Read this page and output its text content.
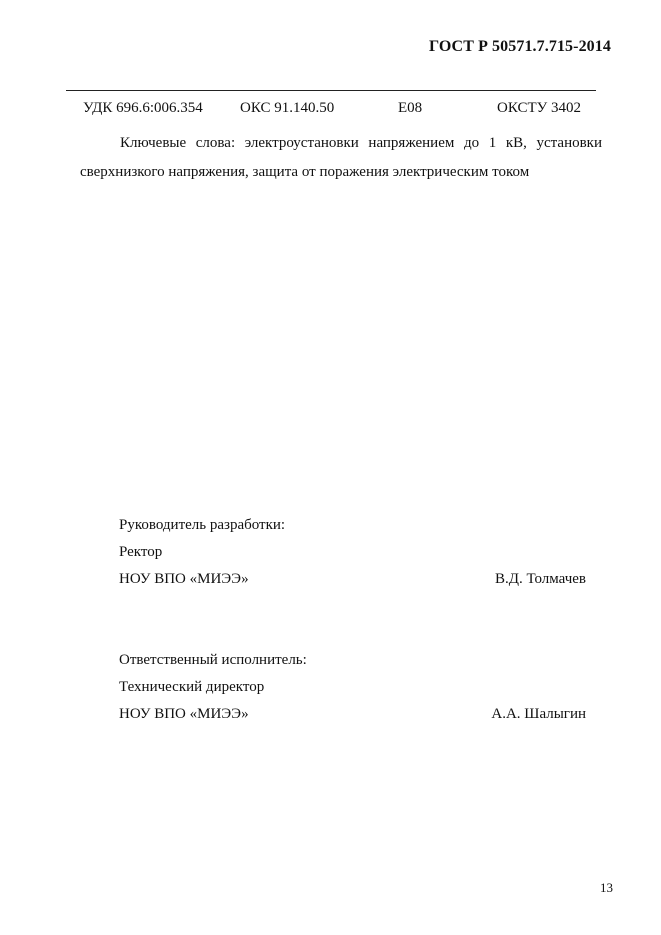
ГОСТ Р 50571.7.715-2014
УДК 696.6:006.354 ОКС 91.140.50	Е08	ОКСТУ 3402

Ключевые слова: электроустановки напряжением до 1 кВ, установки сверхнизкого напряжения, защита от поражения электрическим током

Руководитель разработки:
Ректор
НОУ ВПО «МИЭЭ»	В.Д. Толмачев
Ответственный исполнитель:
Технический директор
НОУ ВПО «МИЭЭ»	А.А. Шалыгин
13
